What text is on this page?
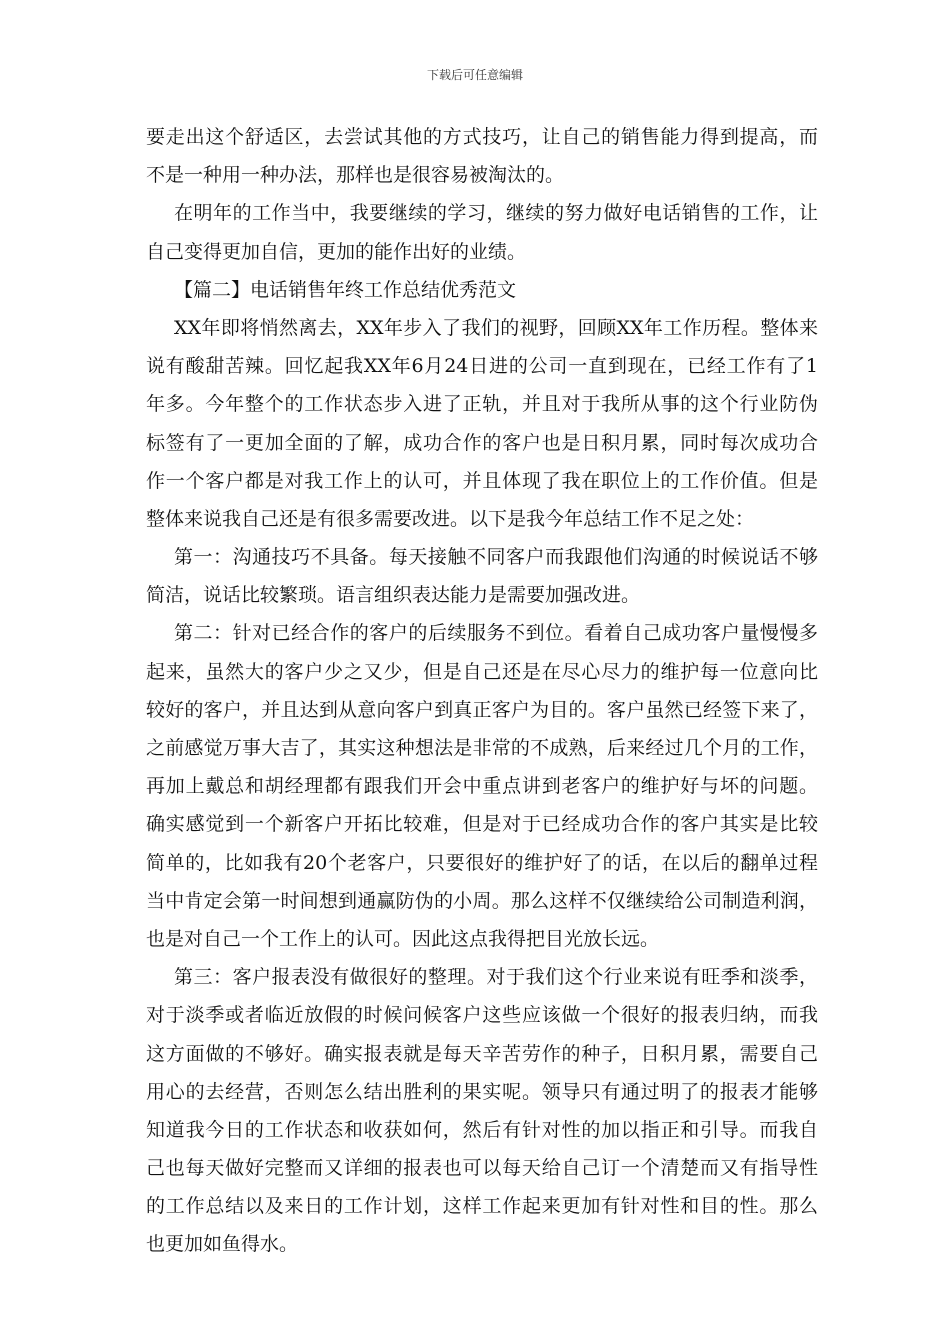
下载后可任意编辑
要走出这个舒适区，去尝试其他的方式技巧，让自己的销售能力得到提高，而
不是一种用一种办法，那样也是很容易被淘汰的。
在明年的工作当中，我要继续的学习，继续的努力做好电话销售的工作，让
自己变得更加自信，更加的能作出好的业绩。
【篇二】电话销售年终工作总结优秀范文
XX年即将悄然离去，XX年步入了我们的视野，回顾XX年工作历程。整体来
说有酸甜苦辣。回忆起我XX年6月24日进的公司一直到现在，已经工作有了1
年多。今年整个的工作状态步入进了正轨，并且对于我所从事的这个行业防伪
标签有了一更加全面的了解，成功合作的客户也是日积月累，同时每次成功合
作一个客户都是对我工作上的认可，并且体现了我在职位上的工作价值。但是
整体来说我自己还是有很多需要改进。以下是我今年总结工作不足之处：
第一：沟通技巧不具备。每天接触不同客户而我跟他们沟通的时候说话不够
简洁，说话比较繁琐。语言组织表达能力是需要加强改进。
第二：针对已经合作的客户的后续服务不到位。看着自己成功客户量慢慢多
起来，虽然大的客户少之又少，但是自己还是在尽心尽力的维护每一位意向比
较好的客户，并且达到从意向客户到真正客户为目的。客户虽然已经签下来了，
之前感觉万事大吉了，其实这种想法是非常的不成熟，后来经过几个月的工作，
再加上戴总和胡经理都有跟我们开会中重点讲到老客户的维护好与坏的问题。
确实感觉到一个新客户开拓比较难，但是对于已经成功合作的客户其实是比较
简单的，比如我有20个老客户，只要很好的维护好了的话，在以后的翻单过程
当中肯定会第一时间想到通赢防伪的小周。那么这样不仅继续给公司制造利润，
也是对自己一个工作上的认可。因此这点我得把目光放长远。
第三：客户报表没有做很好的整理。对于我们这个行业来说有旺季和淡季，
对于淡季或者临近放假的时候问候客户这些应该做一个很好的报表归纳，而我
这方面做的不够好。确实报表就是每天辛苦劳作的种子，日积月累，需要自己
用心的去经营，否则怎么结出胜利的果实呢。领导只有通过明了的报表才能够
知道我今日的工作状态和收获如何，然后有针对性的加以指正和引导。而我自
己也每天做好完整而又详细的报表也可以每天给自己订一个清楚而又有指导性
的工作总结以及来日的工作计划，这样工作起来更加有针对性和目的性。那么
也更加如鱼得水。
